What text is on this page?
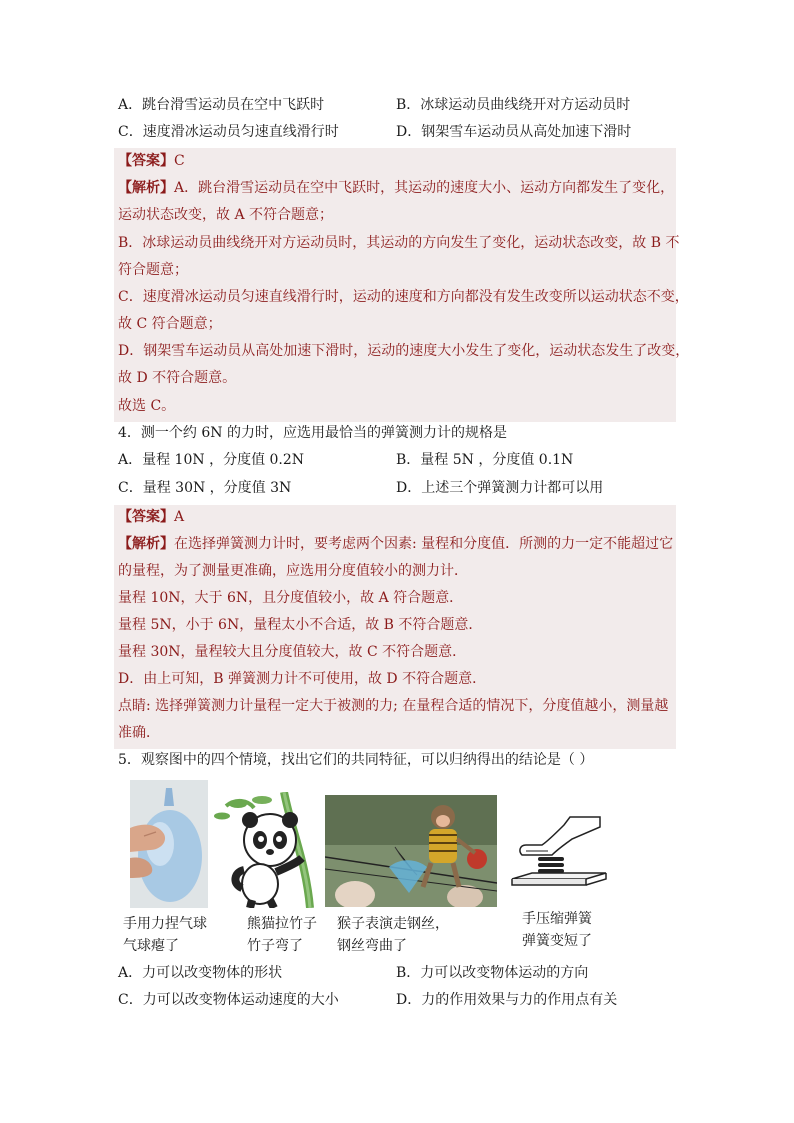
A．跳台滑雪运动员在空中飞跃时	B．冰球运动员曲线绕开对方运动员时
C．速度滑冰运动员匀速直线滑行时	D．钢架雪车运动员从高处加速下滑时
【答案】C
【解析】A．跳台滑雪运动员在空中飞跃时，其运动的速度大小、运动方向都发生了变化，
运动状态改变，故 A 不符合题意；
B．冰球运动员曲线绕开对方运动员时，其运动的方向发生了变化，运动状态改变，故 B 不
符合题意；
C．速度滑冰运动员匀速直线滑行时，运动的速度和方向都没有发生改变所以运动状态不变，
故 C 符合题意；
D．钢架雪车运动员从高处加速下滑时，运动的速度大小发生了变化，运动状态发生了改变，
故 D 不符合题意。
故选 C。
4．测一个约 6N 的力时，应选用最恰当的弹簧测力计的规格是
A．量程 10N ，分度值 0.2N	B．量程 5N ，分度值 0.1N
C．量程 30N ，分度值 3N	D．上述三个弹簧测力计都可以用
【答案】A
【解析】在选择弹簧测力计时，要考虑两个因素: 量程和分度值．所测的力一定不能超过它
的量程，为了测量更准确，应选用分度值较小的测力计．
量程 10N，大于 6N，且分度值较小，故 A 符合题意．
量程 5N，小于 6N，量程太小不合适，故 B 不符合题意．
量程 30N，量程较大且分度值较大，故 C 不符合题意．
D．由上可知，B 弹簧测力计不可使用，故 D 不符合题意．
点睛: 选择弹簧测力计量程一定大于被测的力; 在量程合适的情况下，分度值越小，测量越
准确．
5．观察图中的四个情境，找出它们的共同特征，可以归纳得出的结论是（ ）
手用力捏气球
气球瘪了
熊猫拉竹子
竹子弯了
猴子表演走钢丝，
钢丝弯曲了
手压缩弹簧
弹簧变短了
A．力可以改变物体的形状	B．力可以改变物体运动的方向
C．力可以改变物体运动速度的大小	D．力的作用效果与力的作用点有关
